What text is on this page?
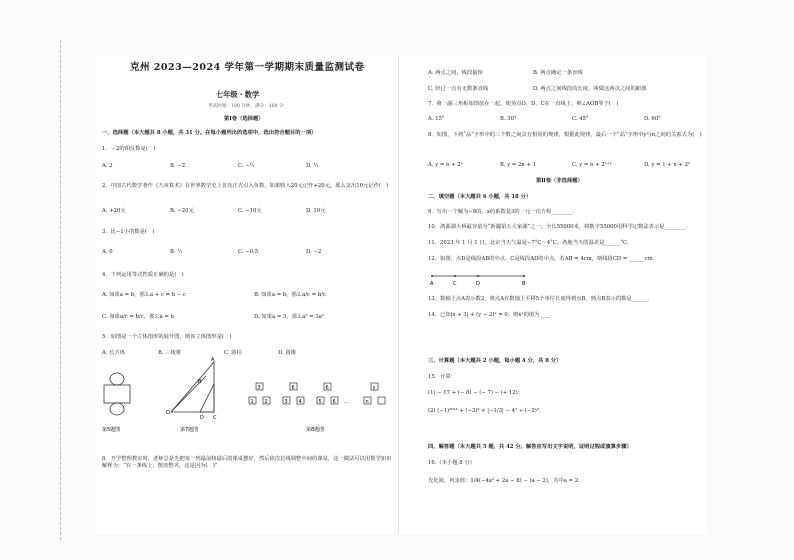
克州 2023—2024 学年第一学期期末质量监测试卷
七年级・数学
考试时间：100 分钟，满分：100 分
第Ⅰ卷（选择题）
一、选择题（本大题共 8 小题，共 31 分。在每小题列出的选项中，选出符合题目的一项）
1．－2的相反数是(　)
A. 2	B. −2	C. −½	D. ½
2．中国古代数学著作《九章算术》在世界数学史上首次正式引入负数，如果收入20元记作+20元，那么支出10元记作(　)
A. +20元	B. −20元	C. −10元	D. 10元
3．比−1小的数是(　)
A. 0	B. ½	C. −0.5	D. −2
4．下列运用等式性质正确的是(　)
A. 如果a = b，那么a + c = b − c	B. 如果a = b，那么a/c = b/c
C. 如果a/c = b/c，那么a = b	D. 如果a = 3，那么a² = 3a²
5．如图是一个立体图形的展开图，则该立体图形是(　)
A. 长方体	B. 三棱锥	C. 圆柱	D. 圆锥
A
B
O
D C
3	6	6	y
1 2	3 4	5 6	n
…
第5题图	第7题图	第8题图
6．开学整理教室时，老师总是先把每一列最前和最后的课桌摆好，然后依次拉线调整中间的课桌，这一做法可以用数学知识解释为：“在一条线上，摆放整齐，这是因为(　)”
A. 两点之间，线段最短	B. 两点确定一条直线
C. 经过一点有无数条直线	D. 两点之间线段的长度，叫做这两点之间的距离
7．将一副三角板如图放在一起，使顶点O、D、C在一直线上，则∠AOB等于(　)
A. 15°	B. 30°	C. 45°	D. 60°
8．如图，下列“品”字形中的三个数之间具有相同的规律，根据此规律，最后一个“品”字形中y与n之间的关系式为(　)
A. y = n + 2ⁿ	B. y = 2n + 1	C. y = n + 2ⁿ⁺¹	D. y = 1 + n + 2ⁿ
第Ⅱ卷（非选择题）
二、填空题（本大题共 6 小题，共 18 分）
9．写出一个解为−8的，x的系数是3的一元一次方程________．
10．鸿源湖大桥最容量为“新疆第五大家湖”之一，全长55000米，将数字55000用科学记数法表示是________．
11．2023 年 1 月 1 日，北京当天气温是−7°C～4°C，各地当天的温差是______°C．
12．如图，点D是线段AB的中点，C是线段AD的中点，若AB = 4cm，则线段CD = ______cm．
A	C	D	B
13．数轴上点A表示数2，将点A在数轴上平移5个单位长度得到点B，则点B表示的数是______．
14．已知|x + 3| + (y − 2)² = 0，则xʸ的值为____．
三、计算题（本大题共 2 小题，每小题 4 分，共 8 分）
15．计算：
(1) − 17 + (− 8) − (− 7) − (+ 12)；
(2) (−1)²⁰²⁴ + (−3)² × |−1/3| − 4² ÷ (−2)³．
四、解答题（本大题共 5 题，共 42 分。解答应写出文字说明，证明过程或演算步骤）
16.（本小题 8 分）
先化简，再求值：1/4(−4a² + 2a − 8) − (a − 2)，其中a = 2．
